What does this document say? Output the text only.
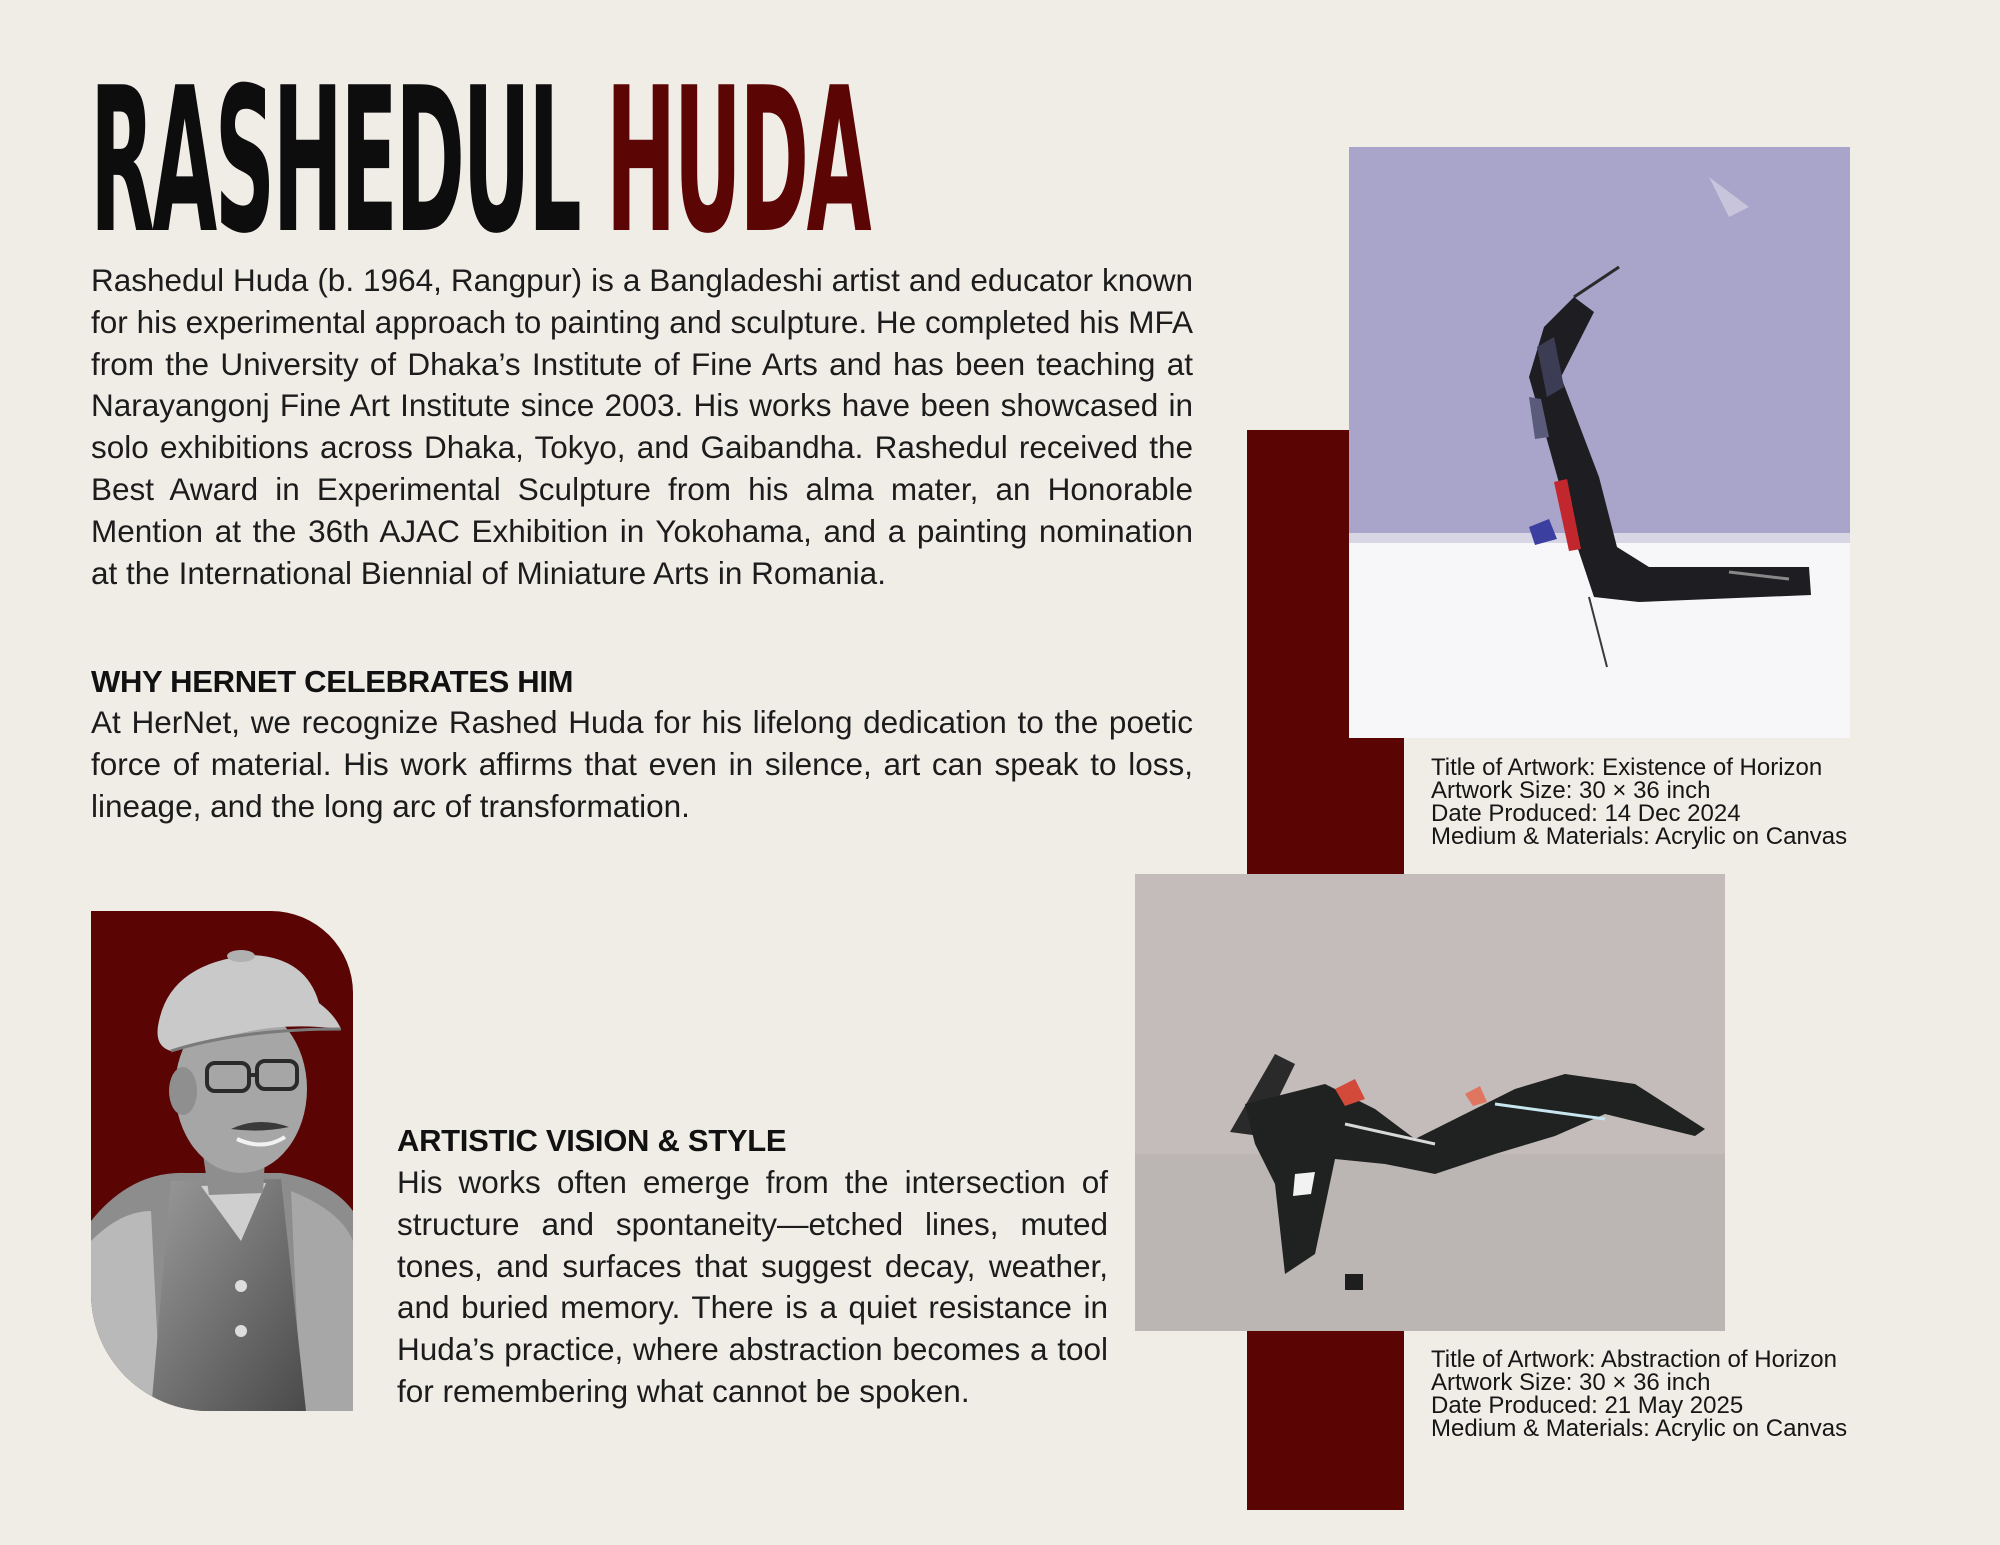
RASHEDUL HUDA

Rashedul Huda (b. 1964, Rangpur) is a Bangladeshi artist and educator known for his experimental approach to painting and sculpture. He completed his MFA from the University of Dhaka’s Institute of Fine Arts and has been teaching at Narayangonj Fine Art Institute since 2003. His works have been showcased in solo exhibitions across Dhaka, Tokyo, and Gaibandha. Rashedul received the Best Award in Experimental Sculpture from his alma mater, an Honorable Mention at the 36th AJAC Exhibition in Yokohama, and a painting nomination at the International Biennial of Miniature Arts in Romania.

WHY HERNET CELEBRATES HIM

At HerNet, we recognize Rashed Huda for his lifelong dedication to the poetic force of material. His work affirms that even in silence, art can speak to loss, lineage, and the long arc of transformation.

ARTISTIC VISION & STYLE

His works often emerge from the intersection of structure and spontaneity—etched lines, muted tones, and surfaces that suggest decay, weather, and buried memory. There is a quiet resistance in Huda’s practice, where abstraction becomes a tool for remembering what cannot be spoken.

Title of Artwork: Existence of Horizon
Artwork Size: 30 × 36 inch
Date Produced: 14 Dec 2024
Medium & Materials: Acrylic on Canvas
Title of Artwork: Abstraction of Horizon
Artwork Size: 30 × 36 inch
Date Produced: 21 May 2025
Medium & Materials: Acrylic on Canvas
